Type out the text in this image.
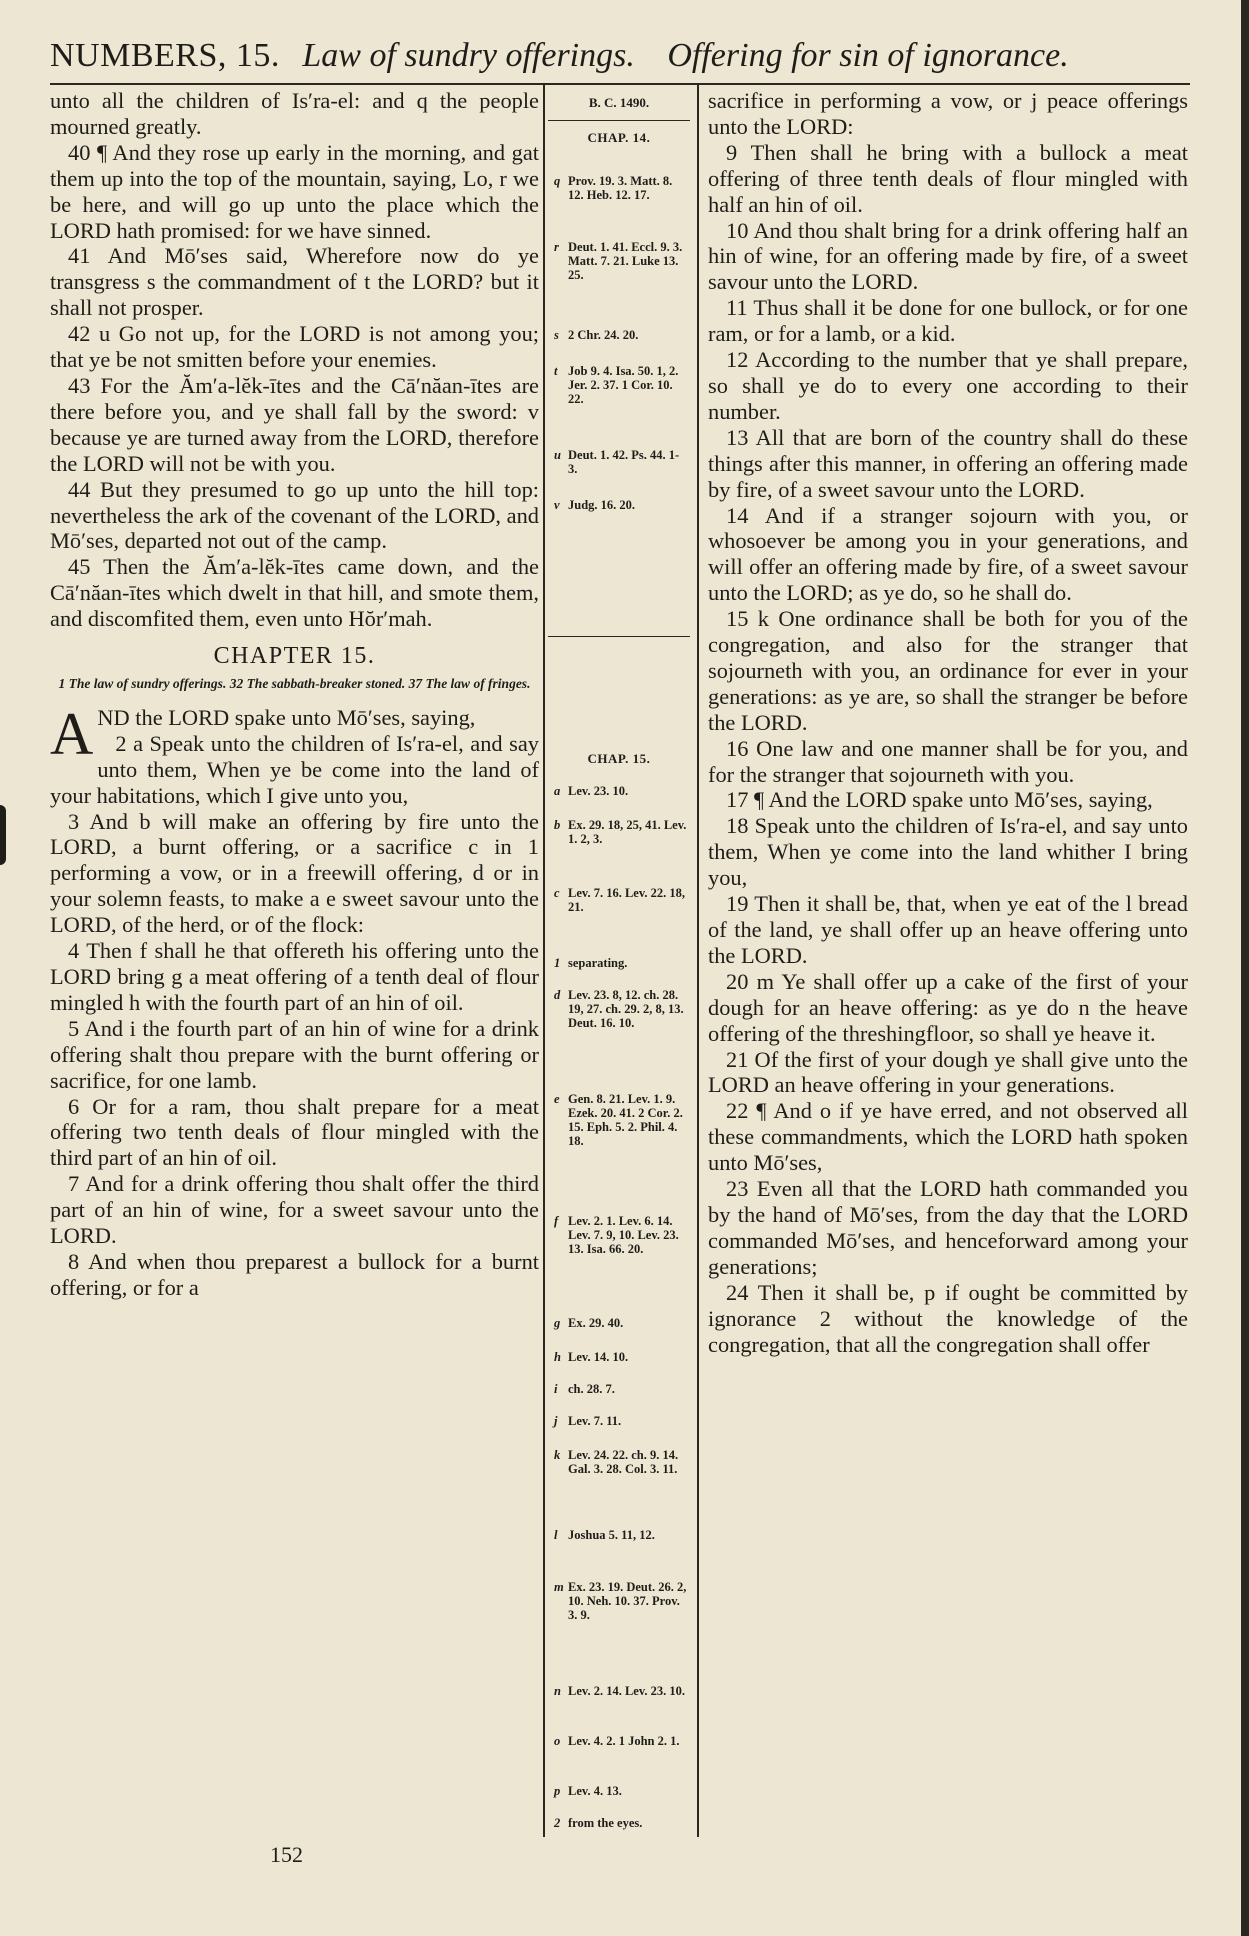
NUMBERS, 15. Law of sundry offerings. Offering for sin of ignorance.

unto all the children of Is′ra-el: and q the people mourned greatly.

40 ¶ And they rose up early in the morning, and gat them up into the top of the mountain, saying, Lo, r we be here, and will go up unto the place which the LORD hath promised: for we have sinned.

41 And Mō′ses said, Wherefore now do ye transgress s the commandment of t the LORD? but it shall not prosper.

42 u Go not up, for the LORD is not among you; that ye be not smitten before your enemies.

43 For the Ăm′a-lĕk-ītes and the Cā′năan-ītes are there before you, and ye shall fall by the sword: v because ye are turned away from the LORD, therefore the LORD will not be with you.

44 But they presumed to go up unto the hill top: nevertheless the ark of the covenant of the LORD, and Mō′ses, departed not out of the camp.

45 Then the Ăm′a-lĕk-ītes came down, and the Cā′năan-ītes which dwelt in that hill, and smote them, and discomfited them, even unto Hŏr′mah.

CHAPTER 15.
1 The law of sundry offerings. 32 The sabbath-breaker stoned. 37 The law of fringes.

AND the LORD spake unto Mō′ses, saying,

2 a Speak unto the children of Is′ra-el, and say unto them, When ye be come into the land of your habitations, which I give unto you,

3 And b will make an offering by fire unto the LORD, a burnt offering, or a sacrifice c in 1 performing a vow, or in a freewill offering, d or in your solemn feasts, to make a e sweet savour unto the LORD, of the herd, or of the flock:

4 Then f shall he that offereth his offering unto the LORD bring g a meat offering of a tenth deal of flour mingled h with the fourth part of an hin of oil.

5 And i the fourth part of an hin of wine for a drink offering shalt thou prepare with the burnt offering or sacrifice, for one lamb.

6 Or for a ram, thou shalt prepare for a meat offering two tenth deals of flour mingled with the third part of an hin of oil.

7 And for a drink offering thou shalt offer the third part of an hin of wine, for a sweet savour unto the LORD.

8 And when thou preparest a bullock for a burnt offering, or for a

B. C. 1490.
CHAP. 14.
q Prov. 19. 3. Matt. 8. 12. Heb. 12. 17.
r Deut. 1. 41. Eccl. 9. 3. Matt. 7. 21. Luke 13. 25.
s 2 Chr. 24. 20.
t Job 9. 4. Isa. 50. 1, 2. Jer. 2. 37. 1 Cor. 10. 22.
u Deut. 1. 42. Ps. 44. 1-3.
v Judg. 16. 20.
CHAP. 15.
a Lev. 23. 10.
b Ex. 29. 18, 25, 41. Lev. 1. 2, 3.
c Lev. 7. 16. Lev. 22. 18, 21.
1 separating.
d Lev. 23. 8, 12. ch. 28. 19, 27. ch. 29. 2, 8, 13. Deut. 16. 10.
e Gen. 8. 21. Lev. 1. 9. Ezek. 20. 41. 2 Cor. 2. 15. Eph. 5. 2. Phil. 4. 18.
f Lev. 2. 1. Lev. 6. 14. Lev. 7. 9, 10. Lev. 23. 13. Isa. 66. 20.
g Ex. 29. 40.
h Lev. 14. 10.
i ch. 28. 7.
j Lev. 7. 11.
k Lev. 24. 22. ch. 9. 14. Gal. 3. 28. Col. 3. 11.
l Joshua 5. 11, 12.
m Ex. 23. 19. Deut. 26. 2, 10. Neh. 10. 37. Prov. 3. 9.
n Lev. 2. 14. Lev. 23. 10.
o Lev. 4. 2. 1 John 2. 1.
p Lev. 4. 13.
2 from the eyes.

sacrifice in performing a vow, or j peace offerings unto the LORD:

9 Then shall he bring with a bullock a meat offering of three tenth deals of flour mingled with half an hin of oil.

10 And thou shalt bring for a drink offering half an hin of wine, for an offering made by fire, of a sweet savour unto the LORD.

11 Thus shall it be done for one bullock, or for one ram, or for a lamb, or a kid.

12 According to the number that ye shall prepare, so shall ye do to every one according to their number.

13 All that are born of the country shall do these things after this manner, in offering an offering made by fire, of a sweet savour unto the LORD.

14 And if a stranger sojourn with you, or whosoever be among you in your generations, and will offer an offering made by fire, of a sweet savour unto the LORD; as ye do, so he shall do.

15 k One ordinance shall be both for you of the congregation, and also for the stranger that sojourneth with you, an ordinance for ever in your generations: as ye are, so shall the stranger be before the LORD.

16 One law and one manner shall be for you, and for the stranger that sojourneth with you.

17 ¶ And the LORD spake unto Mō′ses, saying,

18 Speak unto the children of Is′ra-el, and say unto them, When ye come into the land whither I bring you,

19 Then it shall be, that, when ye eat of the l bread of the land, ye shall offer up an heave offering unto the LORD.

20 m Ye shall offer up a cake of the first of your dough for an heave offering: as ye do n the heave offering of the threshingfloor, so shall ye heave it.

21 Of the first of your dough ye shall give unto the LORD an heave offering in your generations.

22 ¶ And o if ye have erred, and not observed all these commandments, which the LORD hath spoken unto Mō′ses,

23 Even all that the LORD hath commanded you by the hand of Mō′ses, from the day that the LORD commanded Mō′ses, and henceforward among your generations;

24 Then it shall be, p if ought be committed by ignorance 2 without the knowledge of the congregation, that all the congregation shall offer

152
